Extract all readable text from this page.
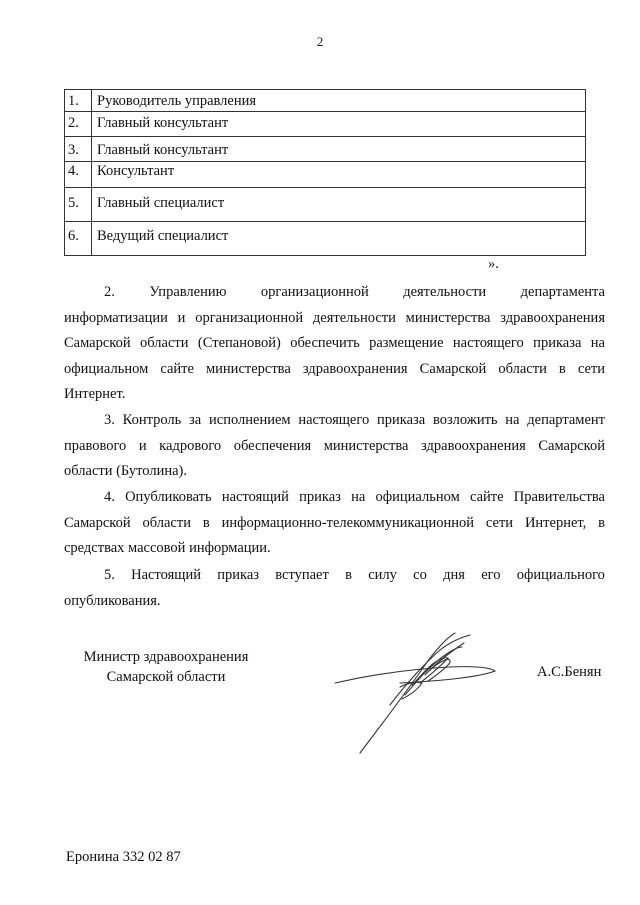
2
1.	Руководитель управления
2.	Главный консультант
3.	Главный консультант
4.	Консультант
5.	Главный специалист
6.	Ведущий специалист
».
2. Управлению организационной деятельности департамента
информатизации и организационной деятельности министерства здравоохранения
Самарской области (Степановой) обеспечить размещение настоящего приказа на
официальном сайте министерства здравоохранения Самарской области в сети
Интернет.
3. Контроль за исполнением настоящего приказа возложить на департамент
правового и кадрового обеспечения министерства здравоохранения Самарской
области (Бутолина).
4. Опубликовать настоящий приказ на официальном сайте Правительства
Самарской области в информационно-телекоммуникационной сети Интернет, в
средствах массовой информации.
5. Настоящий приказ вступает в силу со дня его официального
опубликования.
Министр здравоохранения
Самарской области	А.С.Бенян
Еронина 332 02 87
